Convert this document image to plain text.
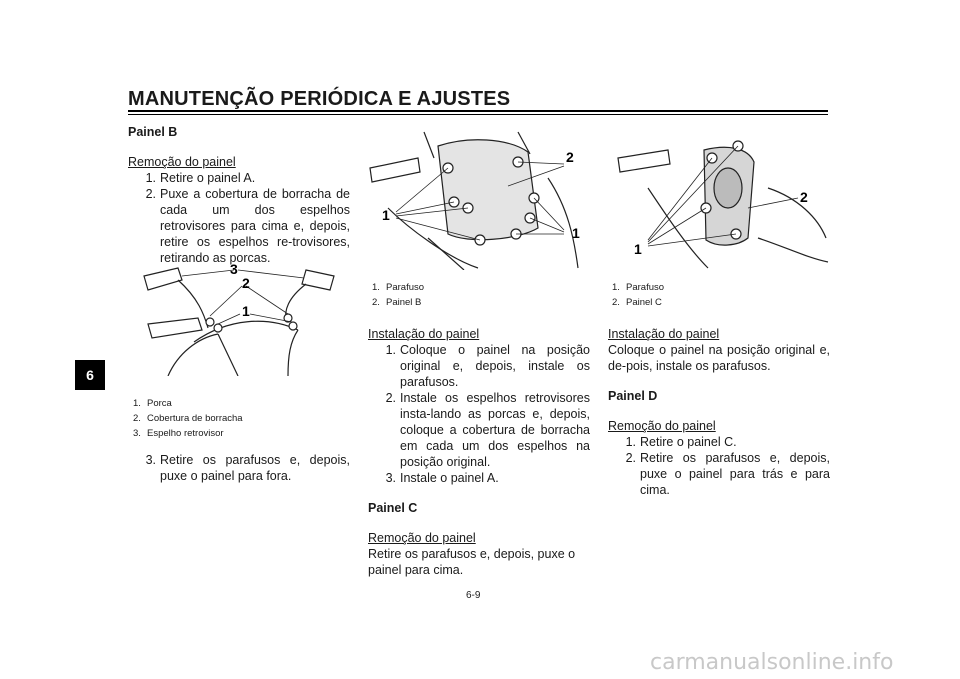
MANUTENÇÃO PERIÓDICA E AJUSTES
6

Painel B

Remoção do painel

1. Retire o painel A.
2. Puxe a cobertura de borracha de cada um dos espelhos retrovisores para cima e, depois, retire os espelhos re-trovisores, retirando as porcas.
3
2
1
1. Porca
2. Cobertura de borracha
3. Espelho retrovisor
3. Retire os parafusos e, depois, puxe o painel para fora.
1
2
1
1. Parafuso
2. Painel B

Instalação do painel

1. Coloque o painel na posição original e, depois, instale os parafusos.
2. Instale os espelhos retrovisores insta-lando as porcas e, depois, coloque a cobertura de borracha em cada um dos espelhos na posição original.
3. Instale o painel A.

Painel C

Remoção do painel

Retire os parafusos e, depois, puxe o painel para cima.

1
2
1. Parafuso
2. Painel C

Instalação do painel

Coloque o painel na posição original e, de-pois, instale os parafusos.

Painel D

Remoção do painel

1. Retire o painel C.
2. Retire os parafusos e, depois, puxe o painel para trás e para cima.
6-9
carmanualsonline.info
